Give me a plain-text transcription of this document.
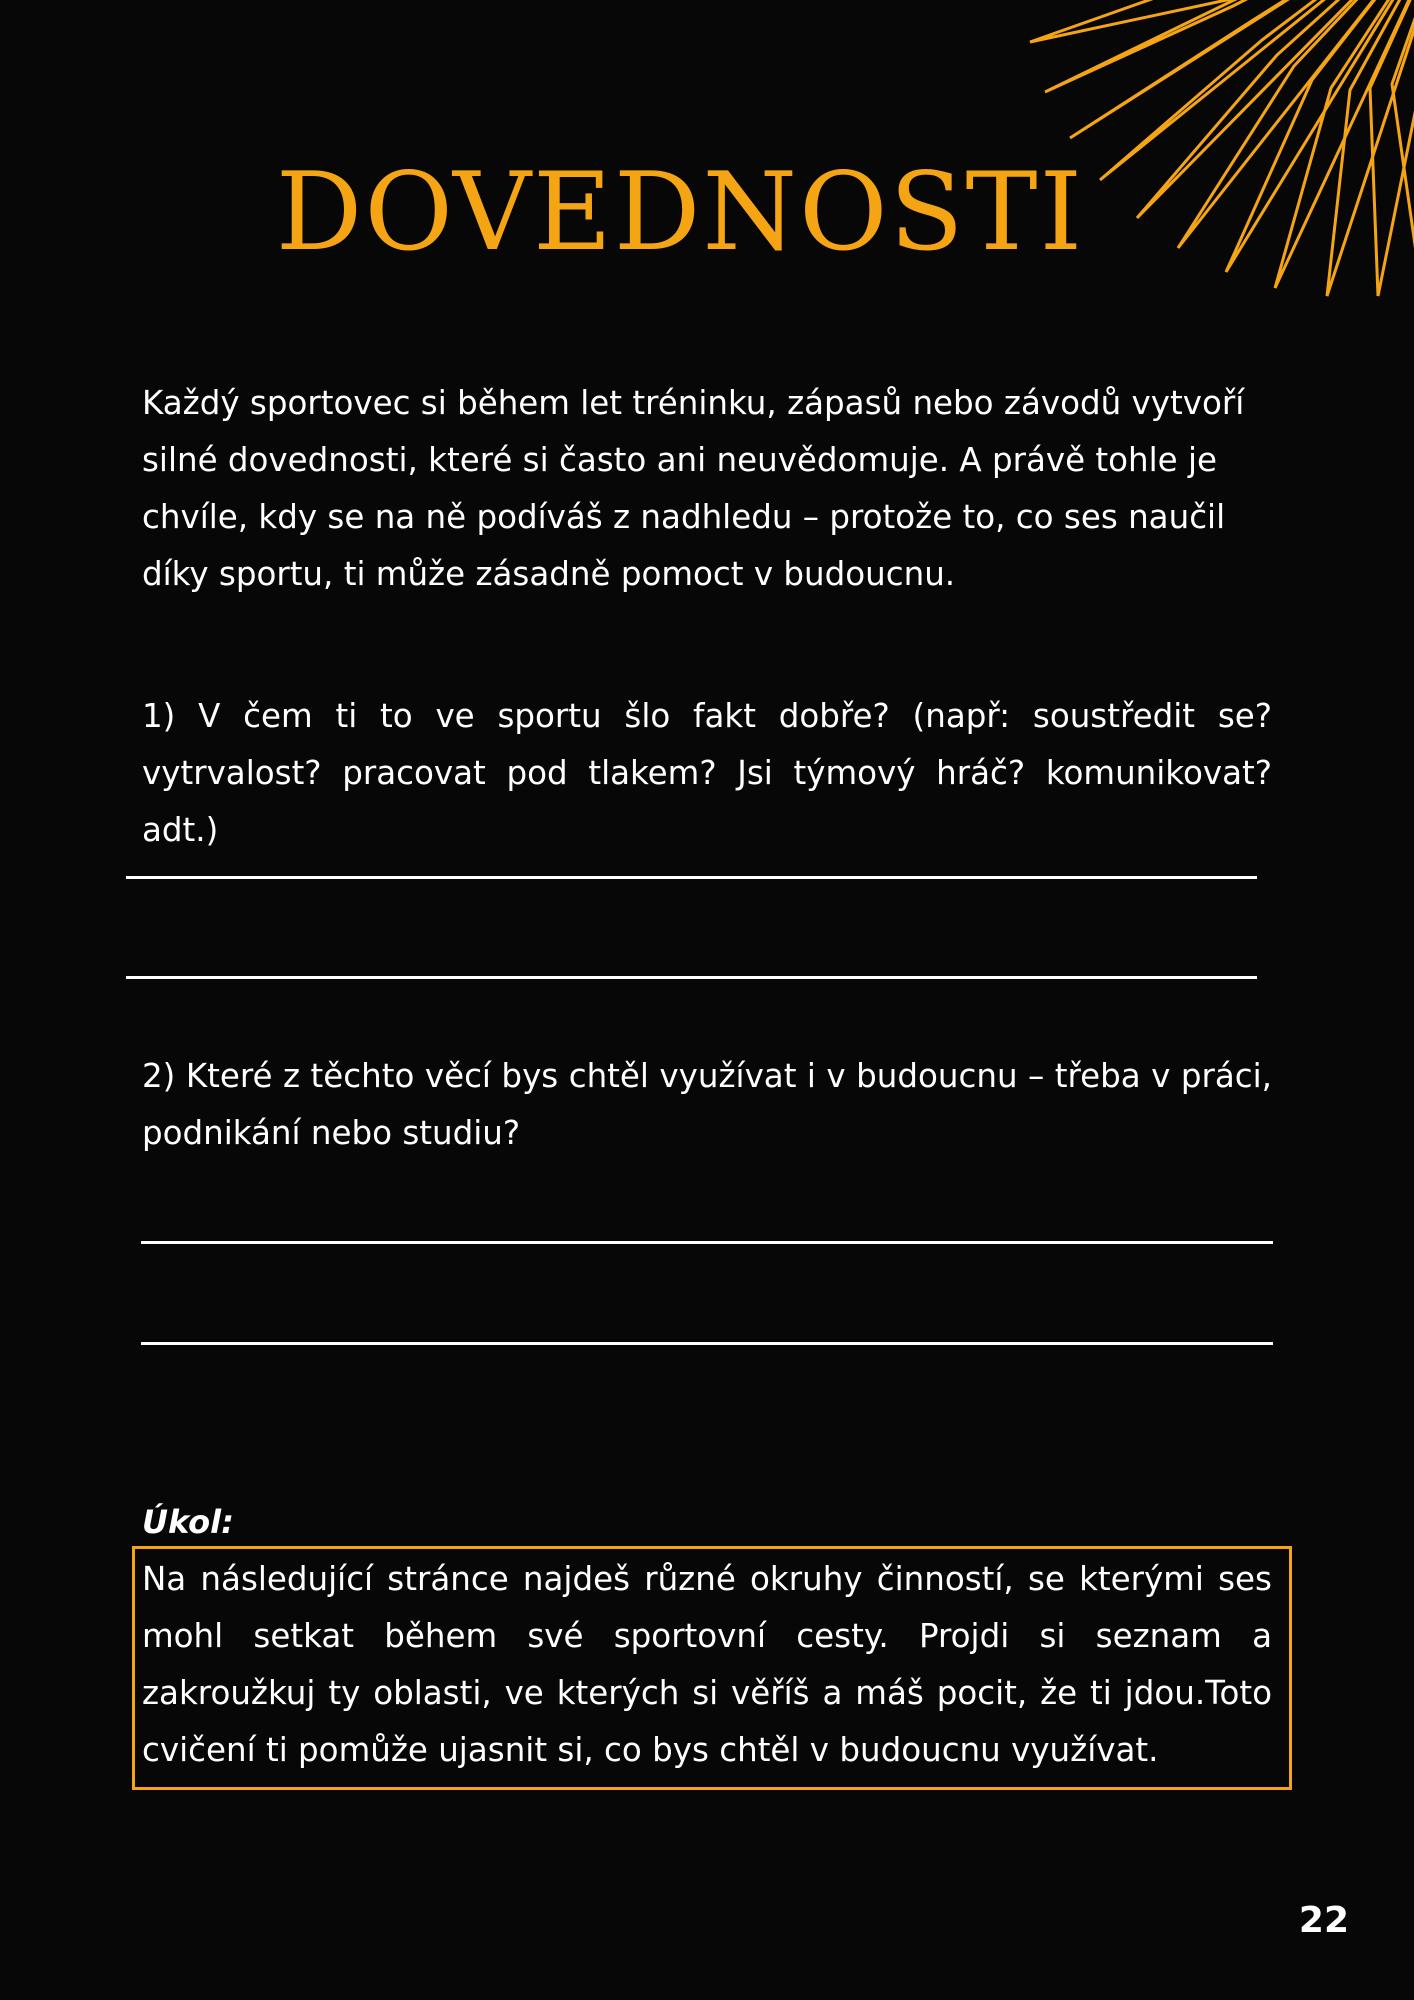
DOVEDNOSTI

Každý sportovec si během let tréninku, zápasů nebo závodů vytvoří silné dovednosti, které si často ani neuvědomuje. A právě tohle je chvíle, kdy se na ně podíváš z nadhledu – protože to, co ses naučil díky sportu, ti může zásadně pomoct v budoucnu.

1) V čem ti to ve sportu šlo fakt dobře? (např: soustředit se? vytrvalost? pracovat pod tlakem? Jsi týmový hráč? komunikovat? adt.)

2) Které z těchto věcí bys chtěl využívat i v budoucnu – třeba v práci, podnikání nebo studiu?

Úkol:

Na následující stránce najdeš různé okruhy činností, se kterými ses mohl setkat během své sportovní cesty. Projdi si seznam a zakroužkuj ty oblasti, ve kterých si věříš a máš pocit, že ti jdou.Toto cvičení ti pomůže ujasnit si, co bys chtěl v budoucnu využívat.

22
